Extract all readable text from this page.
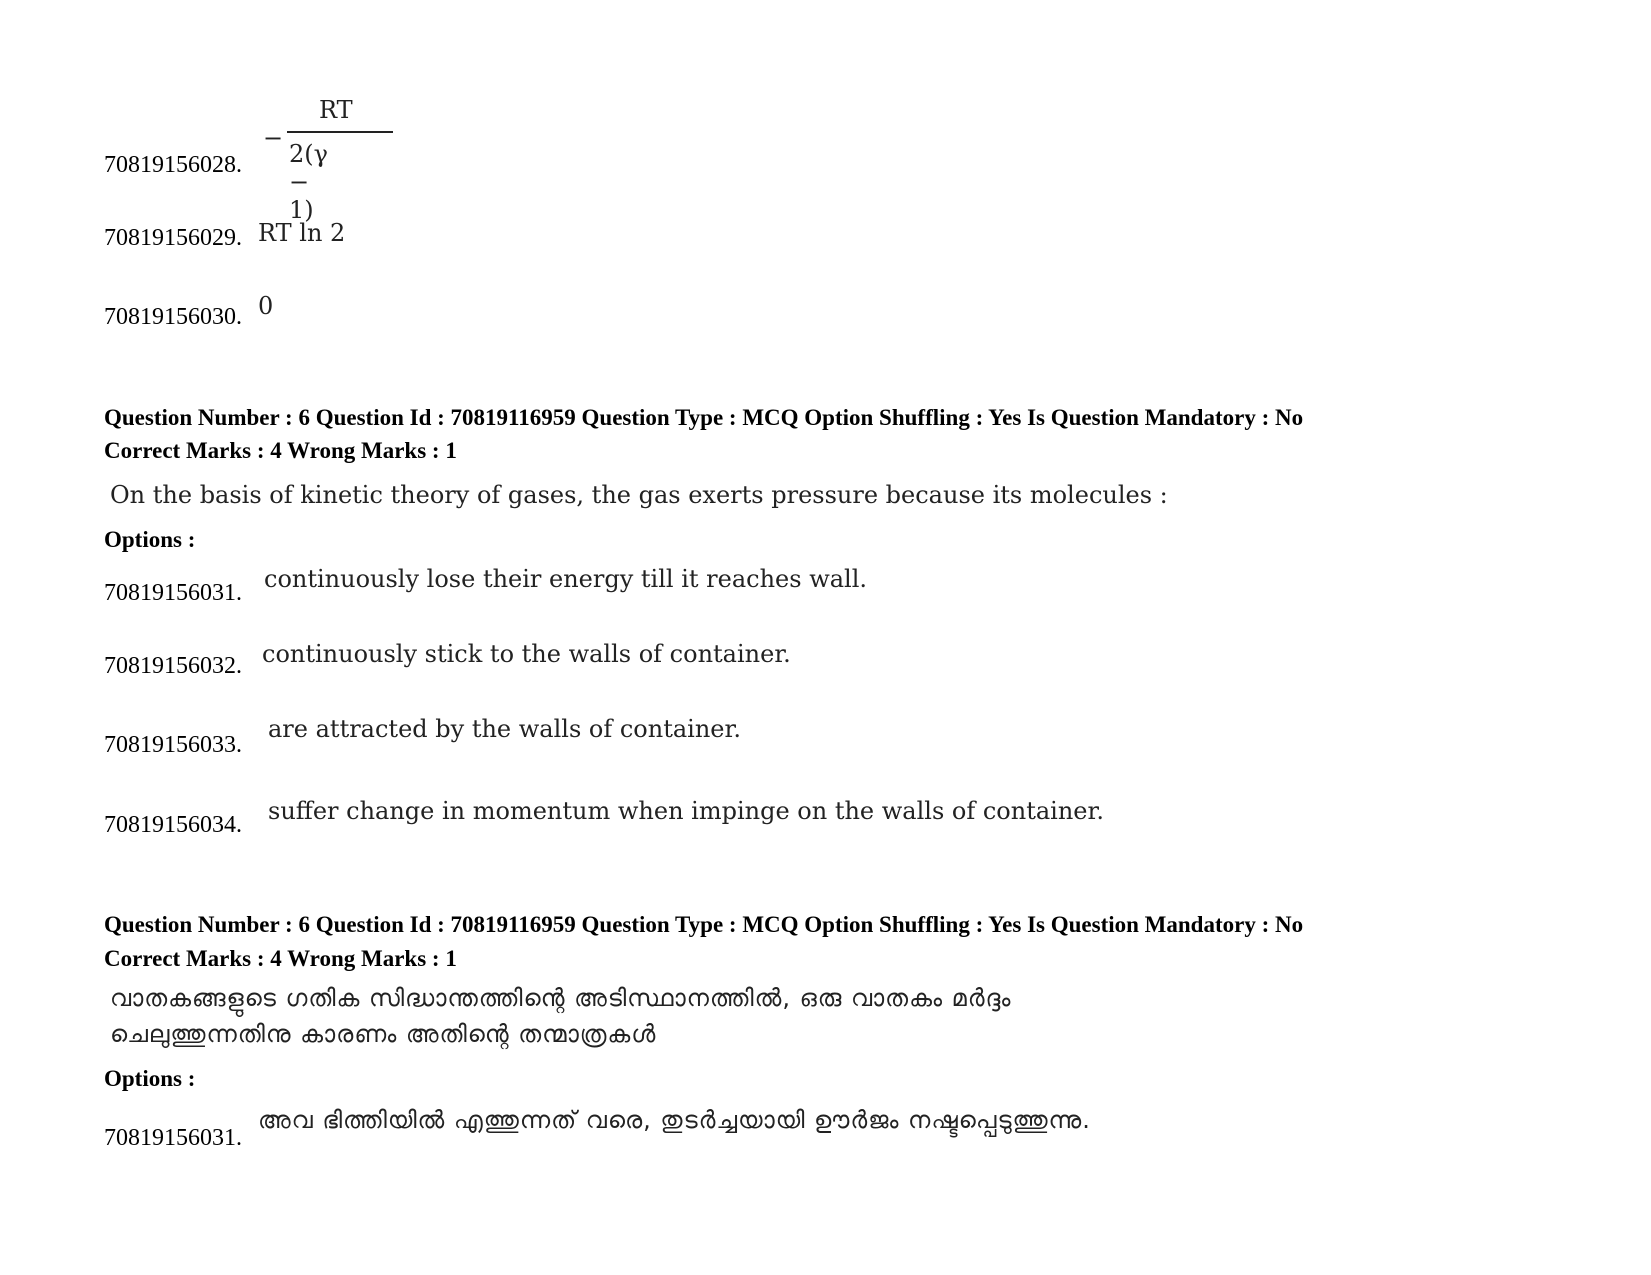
−
RT
2(γ − 1)
70819156028.
70819156029. RT ln 2
70819156030. 0
Question Number : 6 Question Id : 70819116959 Question Type : MCQ Option Shuffling : Yes Is Question Mandatory : No
Correct Marks : 4 Wrong Marks : 1
On the basis of kinetic theory of gases, the gas exerts pressure because its molecules :
Options :
70819156031. continuously lose their energy till it reaches wall.
70819156032. continuously stick to the walls of container.
70819156033.
are attracted by the walls of container.
70819156034. suffer change in momentum when impinge on the walls of container.
Question Number : 6 Question Id : 70819116959 Question Type : MCQ Option Shuffling : Yes Is Question Mandatory : No
Correct Marks : 4 Wrong Marks : 1
വാതകങ്ങളുടെ ഗതിക സിദ്ധാന്തത്തിന്റെ അടിസ്ഥാനത്തിൽ, ഒരു വാതകം മർദ്ദം
ചെലുത്തുന്നതിനു കാരണം അതിന്റെ തന്മാത്രകൾ
Options :
70819156031.
അവ ഭിത്തിയിൽ എത്തുന്നത് വരെ, തുടർച്ചയായി ഊർജം നഷ്ടപ്പെടുത്തുന്നു.
